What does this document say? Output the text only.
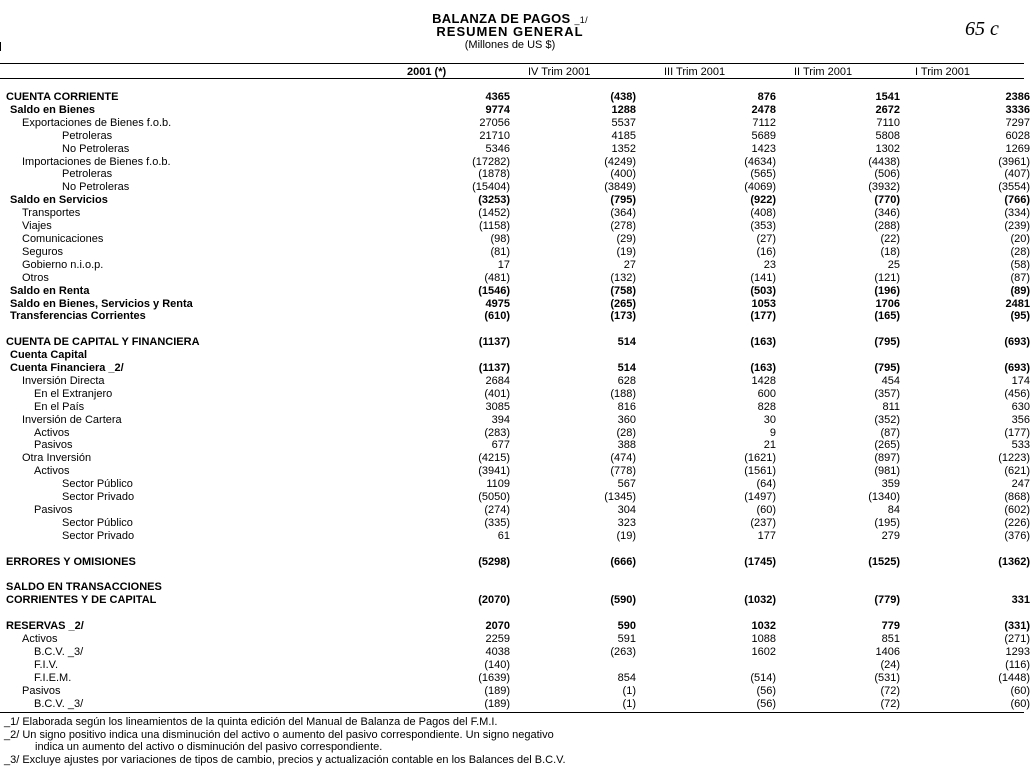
BALANZA DE PAGOS _1/
RESUMEN GENERAL
(Millones de US $)
65 c
2001 (*)	IV Trim 2001	III Trim 2001	II Trim 2001	I Trim 2001
CUENTA CORRIENTE	4365	(438)	876	1541	2386
Saldo en Bienes	9774	1288	2478	2672	3336
Exportaciones de Bienes f.o.b.	27056	5537	7112	7110	7297
Petroleras	21710	4185	5689	5808	6028
No Petroleras	5346	1352	1423	1302	1269
Importaciones de Bienes f.o.b.	(17282)	(4249)	(4634)	(4438)	(3961)
Petroleras	(1878)	(400)	(565)	(506)	(407)
No Petroleras	(15404)	(3849)	(4069)	(3932)	(3554)
Saldo en Servicios	(3253)	(795)	(922)	(770)	(766)
Transportes	(1452)	(364)	(408)	(346)	(334)
Viajes	(1158)	(278)	(353)	(288)	(239)
Comunicaciones	(98)	(29)	(27)	(22)	(20)
Seguros	(81)	(19)	(16)	(18)	(28)
Gobierno n.i.o.p.	17	27	23	25	(58)
Otros	(481)	(132)	(141)	(121)	(87)
Saldo en Renta	(1546)	(758)	(503)	(196)	(89)
Saldo en Bienes, Servicios y Renta	4975	(265)	1053	1706	2481
Transferencias Corrientes	(610)	(173)	(177)	(165)	(95)

CUENTA DE CAPITAL Y FINANCIERA	(1137)	514	(163)	(795)	(693)
Cuenta Capital					
Cuenta Financiera _2/	(1137)	514	(163)	(795)	(693)
Inversión Directa	2684	628	1428	454	174
En el Extranjero	(401)	(188)	600	(357)	(456)
En el País	3085	816	828	811	630
Inversión de Cartera	394	360	30	(352)	356
Activos	(283)	(28)	9	(87)	(177)
Pasivos	677	388	21	(265)	533
Otra Inversión	(4215)	(474)	(1621)	(897)	(1223)
Activos	(3941)	(778)	(1561)	(981)	(621)
Sector Público	1109	567	(64)	359	247
Sector Privado	(5050)	(1345)	(1497)	(1340)	(868)
Pasivos	(274)	304	(60)	84	(602)
Sector Público	(335)	323	(237)	(195)	(226)
Sector Privado	61	(19)	177	279	(376)

ERRORES Y OMISIONES	(5298)	(666)	(1745)	(1525)	(1362)

SALDO EN TRANSACCIONES					
CORRIENTES Y DE CAPITAL	(2070)	(590)	(1032)	(779)	331

RESERVAS _2/	2070	590	1032	779	(331)
Activos	2259	591	1088	851	(271)
B.C.V. _3/	4038	(263)	1602	1406	1293
F.I.V.	(140)			(24)	(116)
F.I.E.M.	(1639)	854	(514)	(531)	(1448)
Pasivos	(189)	(1)	(56)	(72)	(60)
B.C.V. _3/	(189)	(1)	(56)	(72)	(60)
_1/ Elaborada según los lineamientos de la quinta edición del Manual de Balanza de Pagos del F.M.I.
_2/ Un signo positivo indica una disminución del activo o aumento del pasivo correspondiente. Un signo negativo
indica un aumento del activo o disminución del pasivo correspondiente.
_3/ Excluye ajustes por variaciones de tipos de cambio, precios y actualización contable en los Balances del B.C.V.
